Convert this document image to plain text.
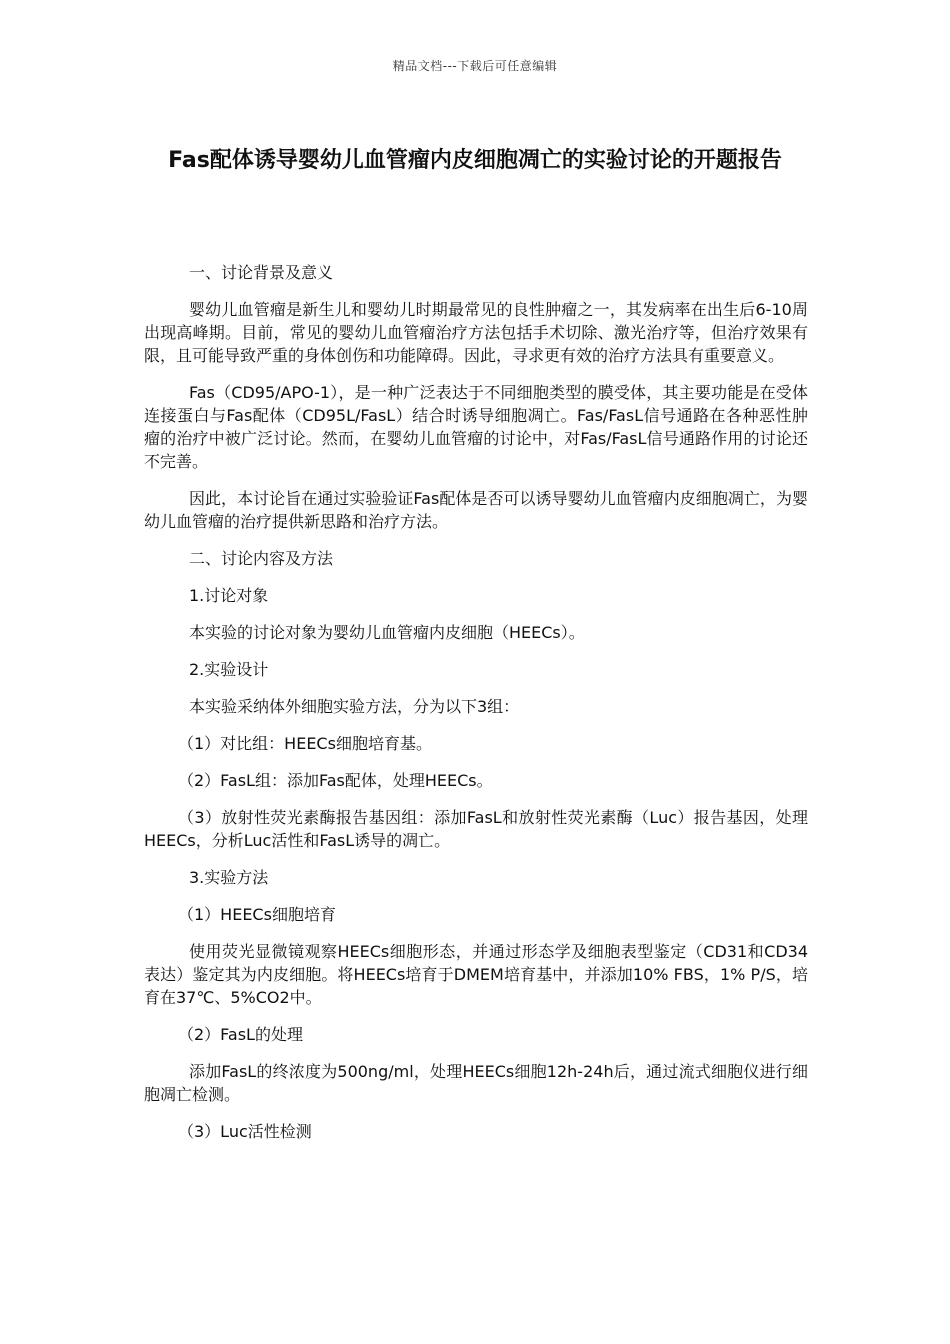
精品文档---下载后可任意编辑
Fas配体诱导婴幼儿血管瘤内皮细胞凋亡的实验讨论的开题报告
一、讨论背景及意义
婴幼儿血管瘤是新生儿和婴幼儿时期最常见的良性肿瘤之一，其发病率在出生后6-10周出现高峰期。目前，常见的婴幼儿血管瘤治疗方法包括手术切除、激光治疗等，但治疗效果有限，且可能导致严重的身体创伤和功能障碍。因此，寻求更有效的治疗方法具有重要意义。
Fas（CD95/APO-1），是一种广泛表达于不同细胞类型的膜受体，其主要功能是在受体连接蛋白与Fas配体（CD95L/FasL）结合时诱导细胞凋亡。Fas/FasL信号通路在各种恶性肿瘤的治疗中被广泛讨论。然而，在婴幼儿血管瘤的讨论中，对Fas/FasL信号通路作用的讨论还不完善。
因此，本讨论旨在通过实验验证Fas配体是否可以诱导婴幼儿血管瘤内皮细胞凋亡，为婴幼儿血管瘤的治疗提供新思路和治疗方法。
二、讨论内容及方法
1.讨论对象
本实验的讨论对象为婴幼儿血管瘤内皮细胞（HEECs）。
2.实验设计
本实验采纳体外细胞实验方法，分为以下3组：
（1）对比组：HEECs细胞培育基。
（2）FasL组：添加Fas配体，处理HEECs。
（3）放射性荧光素酶报告基因组：添加FasL和放射性荧光素酶（Luc）报告基因，处理HEECs，分析Luc活性和FasL诱导的凋亡。
3.实验方法
（1）HEECs细胞培育
使用荧光显微镜观察HEECs细胞形态，并通过形态学及细胞表型鉴定（CD31和CD34表达）鉴定其为内皮细胞。将HEECs培育于DMEM培育基中，并添加10% FBS，1% P/S，培育在37℃、5%CO2中。
（2）FasL的处理
添加FasL的终浓度为500ng/ml，处理HEECs细胞12h-24h后，通过流式细胞仪进行细胞凋亡检测。
（3）Luc活性检测
